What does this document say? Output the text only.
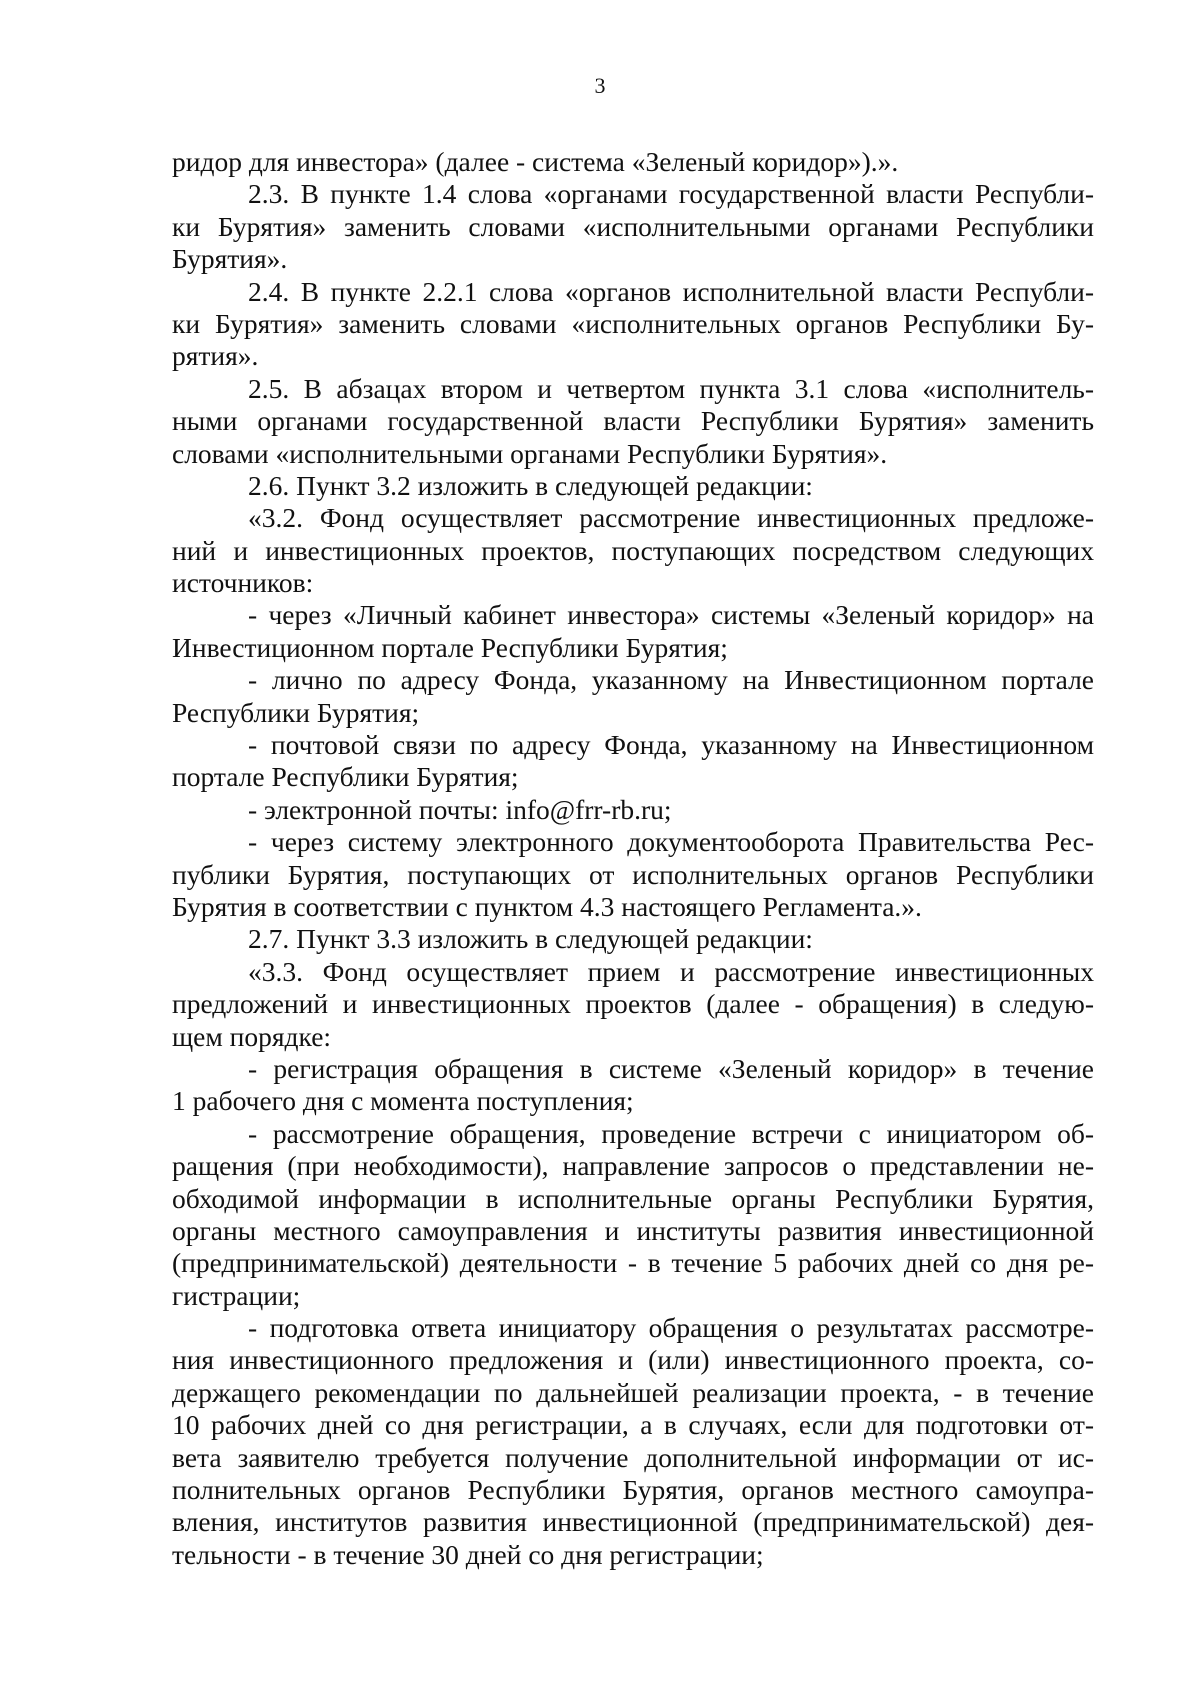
3
ридор для инвестора» (далее - система «Зеленый коридор»).».
2.3. В пункте 1.4 слова «органами государственной власти Республи-
ки Бурятия» заменить словами «исполнительными органами Республики
Бурятия».
2.4. В пункте 2.2.1 слова «органов исполнительной власти Республи-
ки Бурятия» заменить словами «исполнительных органов Республики Бу-
рятия».
2.5. В абзацах втором и четвертом пункта 3.1 слова «исполнитель-
ными органами государственной власти Республики Бурятия» заменить
словами «исполнительными органами Республики Бурятия».
2.6. Пункт 3.2 изложить в следующей редакции:
«3.2. Фонд осуществляет рассмотрение инвестиционных предложе-
ний и инвестиционных проектов, поступающих посредством следующих
источников:
- через «Личный кабинет инвестора» системы «Зеленый коридор» на
Инвестиционном портале Республики Бурятия;
- лично по адресу Фонда, указанному на Инвестиционном портале
Республики Бурятия;
- почтовой связи по адресу Фонда, указанному на Инвестиционном
портале Республики Бурятия;
- электронной почты: info@frr-rb.ru;
- через систему электронного документооборота Правительства Рес-
публики Бурятия, поступающих от исполнительных органов Республики
Бурятия в соответствии с пунктом 4.3 настоящего Регламента.».
2.7. Пункт 3.3 изложить в следующей редакции:
«3.3. Фонд осуществляет прием и рассмотрение инвестиционных
предложений и инвестиционных проектов (далее - обращения) в следую-
щем порядке:
- регистрация обращения в системе «Зеленый коридор» в течение
1 рабочего дня с момента поступления;
- рассмотрение обращения, проведение встречи с инициатором об-
ращения (при необходимости), направление запросов о представлении не-
обходимой информации в исполнительные органы Республики Бурятия,
органы местного самоуправления и институты развития инвестиционной
(предпринимательской) деятельности - в течение 5 рабочих дней со дня ре-
гистрации;
- подготовка ответа инициатору обращения о результатах рассмотре-
ния инвестиционного предложения и (или) инвестиционного проекта, со-
держащего рекомендации по дальнейшей реализации проекта, - в течение
10 рабочих дней со дня регистрации, а в случаях, если для подготовки от-
вета заявителю требуется получение дополнительной информации от ис-
полнительных органов Республики Бурятия, органов местного самоупра-
вления, институтов развития инвестиционной (предпринимательской) дея-
тельности - в течение 30 дней со дня регистрации;
